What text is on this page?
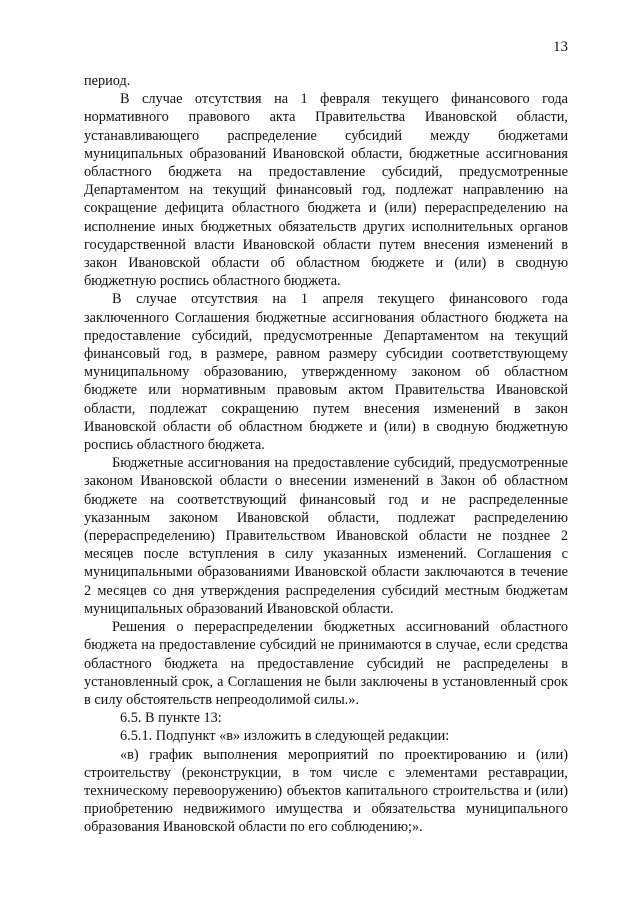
13

период.

В случае отсутствия на 1 февраля текущего финансового года нормативного правового акта Правительства Ивановской области, устанавливающего распределение субсидий между бюджетами муниципальных образований Ивановской области, бюджетные ассигнования областного бюджета на предоставление субсидий, предусмотренные Департаментом на текущий финансовый год, подлежат направлению на сокращение дефицита областного бюджета и (или) перераспределению на исполнение иных бюджетных обязательств других исполнительных органов государственной власти Ивановской области путем внесения изменений в закон Ивановской области об областном бюджете и (или) в сводную бюджетную роспись областного бюджета.

В случае отсутствия на 1 апреля текущего финансового года заключенного Соглашения бюджетные ассигнования областного бюджета на предоставление субсидий, предусмотренные Департаментом на текущий финансовый год, в размере, равном размеру субсидии соответствующему муниципальному образованию, утвержденному законом об областном бюджете или нормативным правовым актом Правительства Ивановской области, подлежат сокращению путем внесения изменений в закон Ивановской области об областном бюджете и (или) в сводную бюджетную роспись областного бюджета.

Бюджетные ассигнования на предоставление субсидий, предусмотренные законом Ивановской области о внесении изменений в Закон об областном бюджете на соответствующий финансовый год и не распределенные указанным законом Ивановской области, подлежат распределению (перераспределению) Правительством Ивановской области не позднее 2 месяцев после вступления в силу указанных изменений. Соглашения с муниципальными образованиями Ивановской области заключаются в течение 2 месяцев со дня утверждения распределения субсидий местным бюджетам муниципальных образований Ивановской области.

Решения о перераспределении бюджетных ассигнований областного бюджета на предоставление субсидий не принимаются в случае, если средства областного бюджета на предоставление субсидий не распределены в установленный срок, а Соглашения не были заключены в установленный срок в силу обстоятельств непреодолимой силы.».

6.5. В пункте 13:

6.5.1. Подпункт «в» изложить в следующей редакции:

«в) график выполнения мероприятий по проектированию и (или) строительству (реконструкции, в том числе с элементами реставрации, техническому перевооружению) объектов капитального строительства и (или) приобретению недвижимого имущества и обязательства муниципального образования Ивановской области по его соблюдению;».
